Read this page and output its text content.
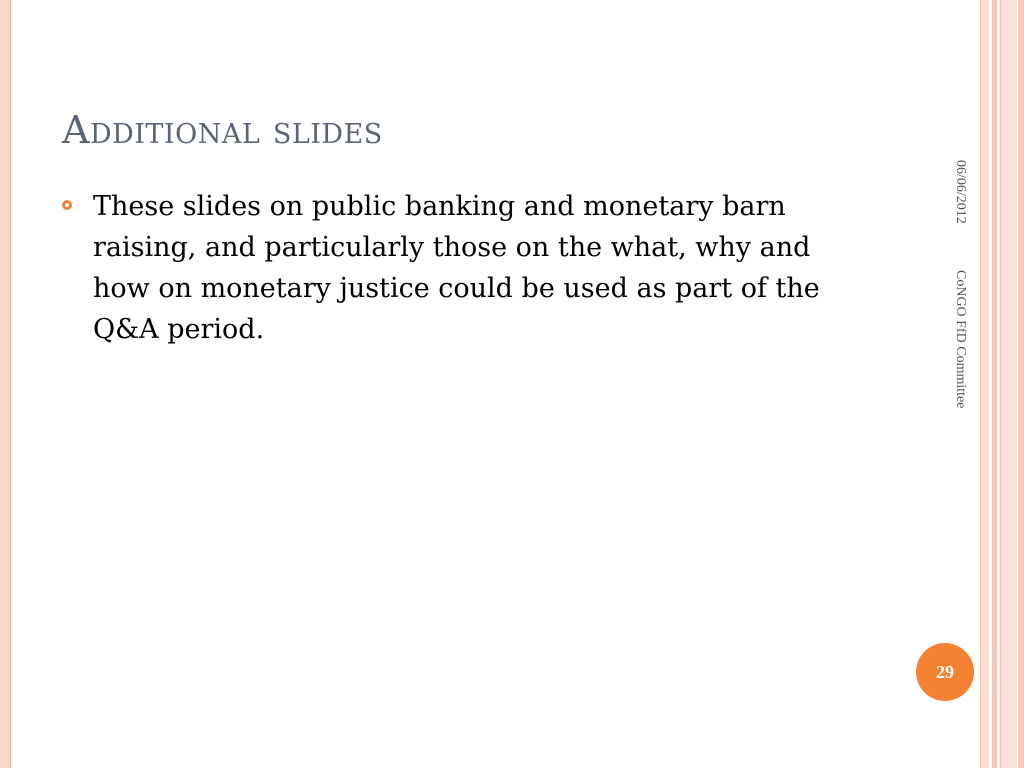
Additional slides
These slides on public banking and monetary barn raising, and particularly those on the what, why and how on monetary justice could be used as part of the Q&A period.
06/06/2012
CoNGO FfD Committee
29
